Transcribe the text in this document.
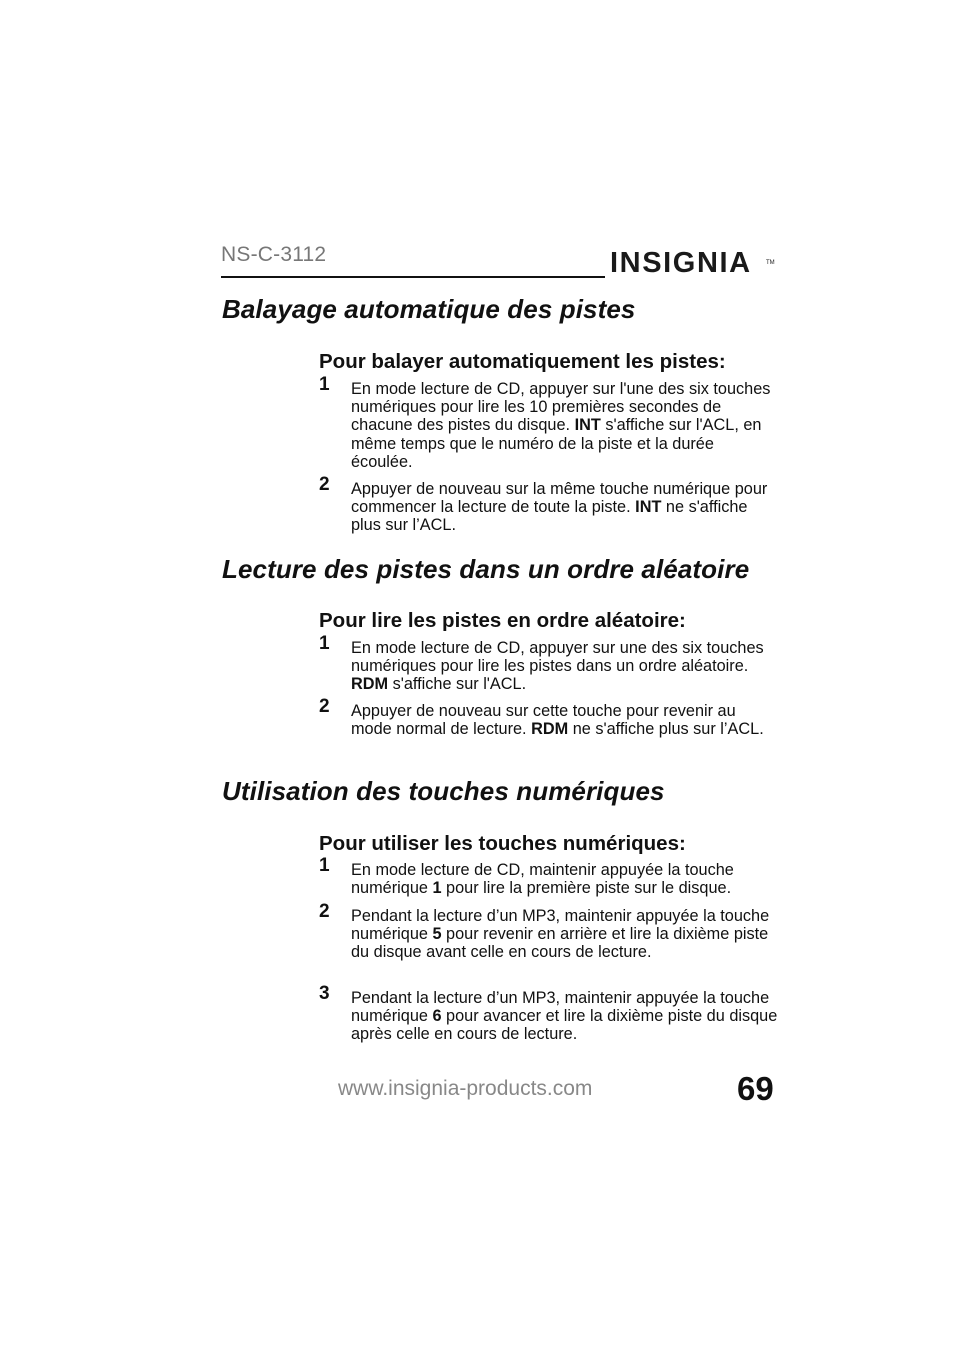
NS-C-3112	INSIGNIA TM
Balayage automatique des pistes
Pour balayer automatiquement les pistes:
1 En mode lecture de CD, appuyer sur l'une des six touches numériques pour lire les 10 premières secondes de chacune des pistes du disque. INT s'affiche sur l'ACL, en même temps que le numéro de la piste et la durée écoulée.
2 Appuyer de nouveau sur la même touche numérique pour commencer la lecture de toute la piste. INT ne s'affiche plus sur l’ACL.
Lecture des pistes dans un ordre aléatoire
Pour lire les pistes en ordre aléatoire:
1 En mode lecture de CD, appuyer sur une des six touches numériques pour lire les pistes dans un ordre aléatoire. RDM s'affiche sur l'ACL.
2 Appuyer de nouveau sur cette touche pour revenir au mode normal de lecture. RDM ne s'affiche plus sur l’ACL.
Utilisation des touches numériques
Pour utiliser les touches numériques:
1 En mode lecture de CD, maintenir appuyée la touche numérique 1 pour lire la première piste sur le disque.
2 Pendant la lecture d’un MP3, maintenir appuyée la touche numérique 5 pour revenir en arrière et lire la dixième piste du disque avant celle en cours de lecture.
3 Pendant la lecture d’un MP3, maintenir appuyée la touche numérique 6 pour avancer et lire la dixième piste du disque après celle en cours de lecture.
www.insignia-products.com	69
